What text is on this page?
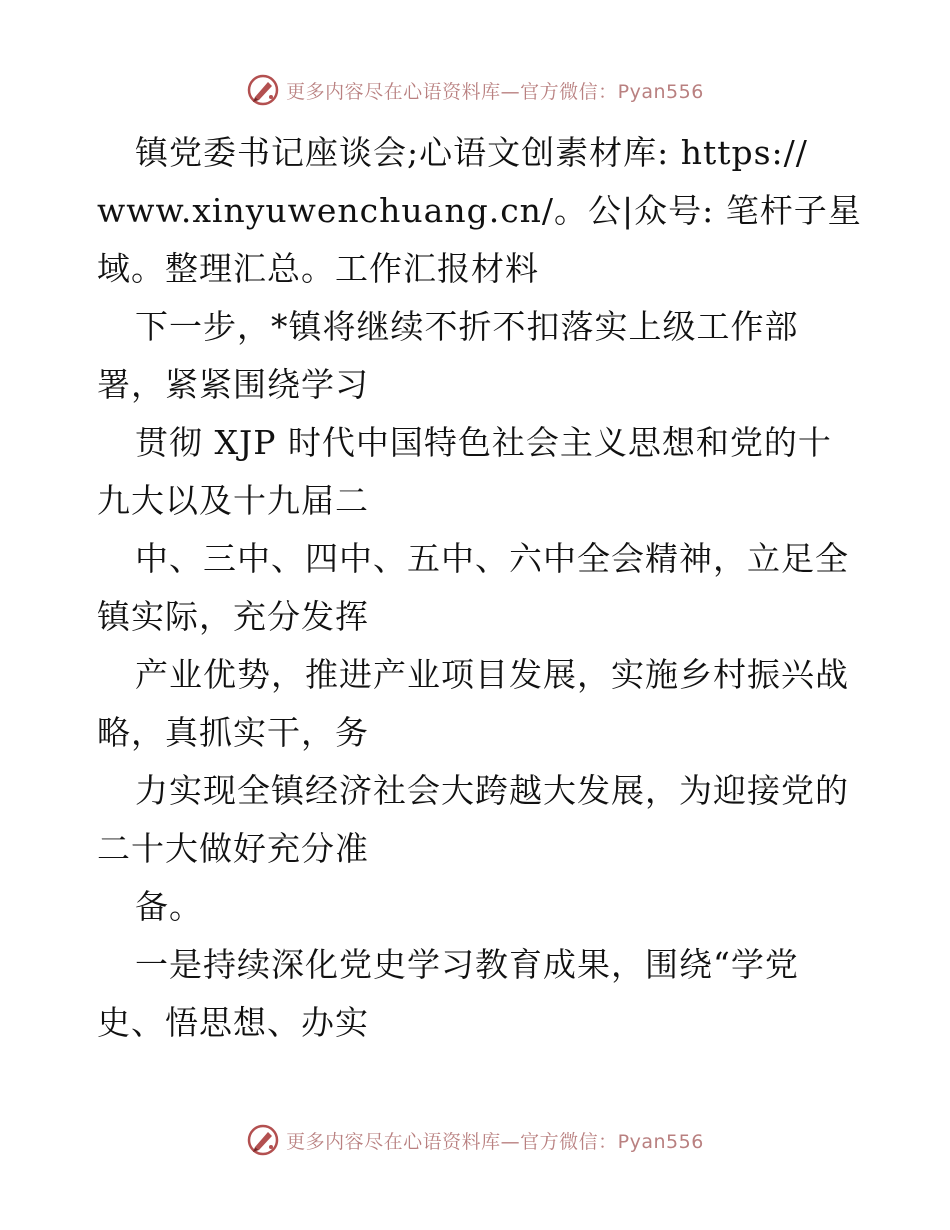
更多内容尽在心语资料库—官方微信：Pyan556
镇党委书记座谈会;心语文创素材库: https://
www.xinyuwenchuang.cn/。公|众号: 笔杆子星
域。整理汇总。工作汇报材料
下一步，*镇将继续不折不扣落实上级工作部
署，紧紧围绕学习
贯彻 XJP 时代中国特色社会主义思想和党的十
九大以及十九届二
中、三中、四中、五中、六中全会精神，立足全
镇实际，充分发挥
产业优势，推进产业项目发展，实施乡村振兴战
略，真抓实干，务
力实现全镇经济社会大跨越大发展，为迎接党的
二十大做好充分准
备。
一是持续深化党史学习教育成果，围绕“学党
史、悟思想、办实
更多内容尽在心语资料库—官方微信：Pyan556
